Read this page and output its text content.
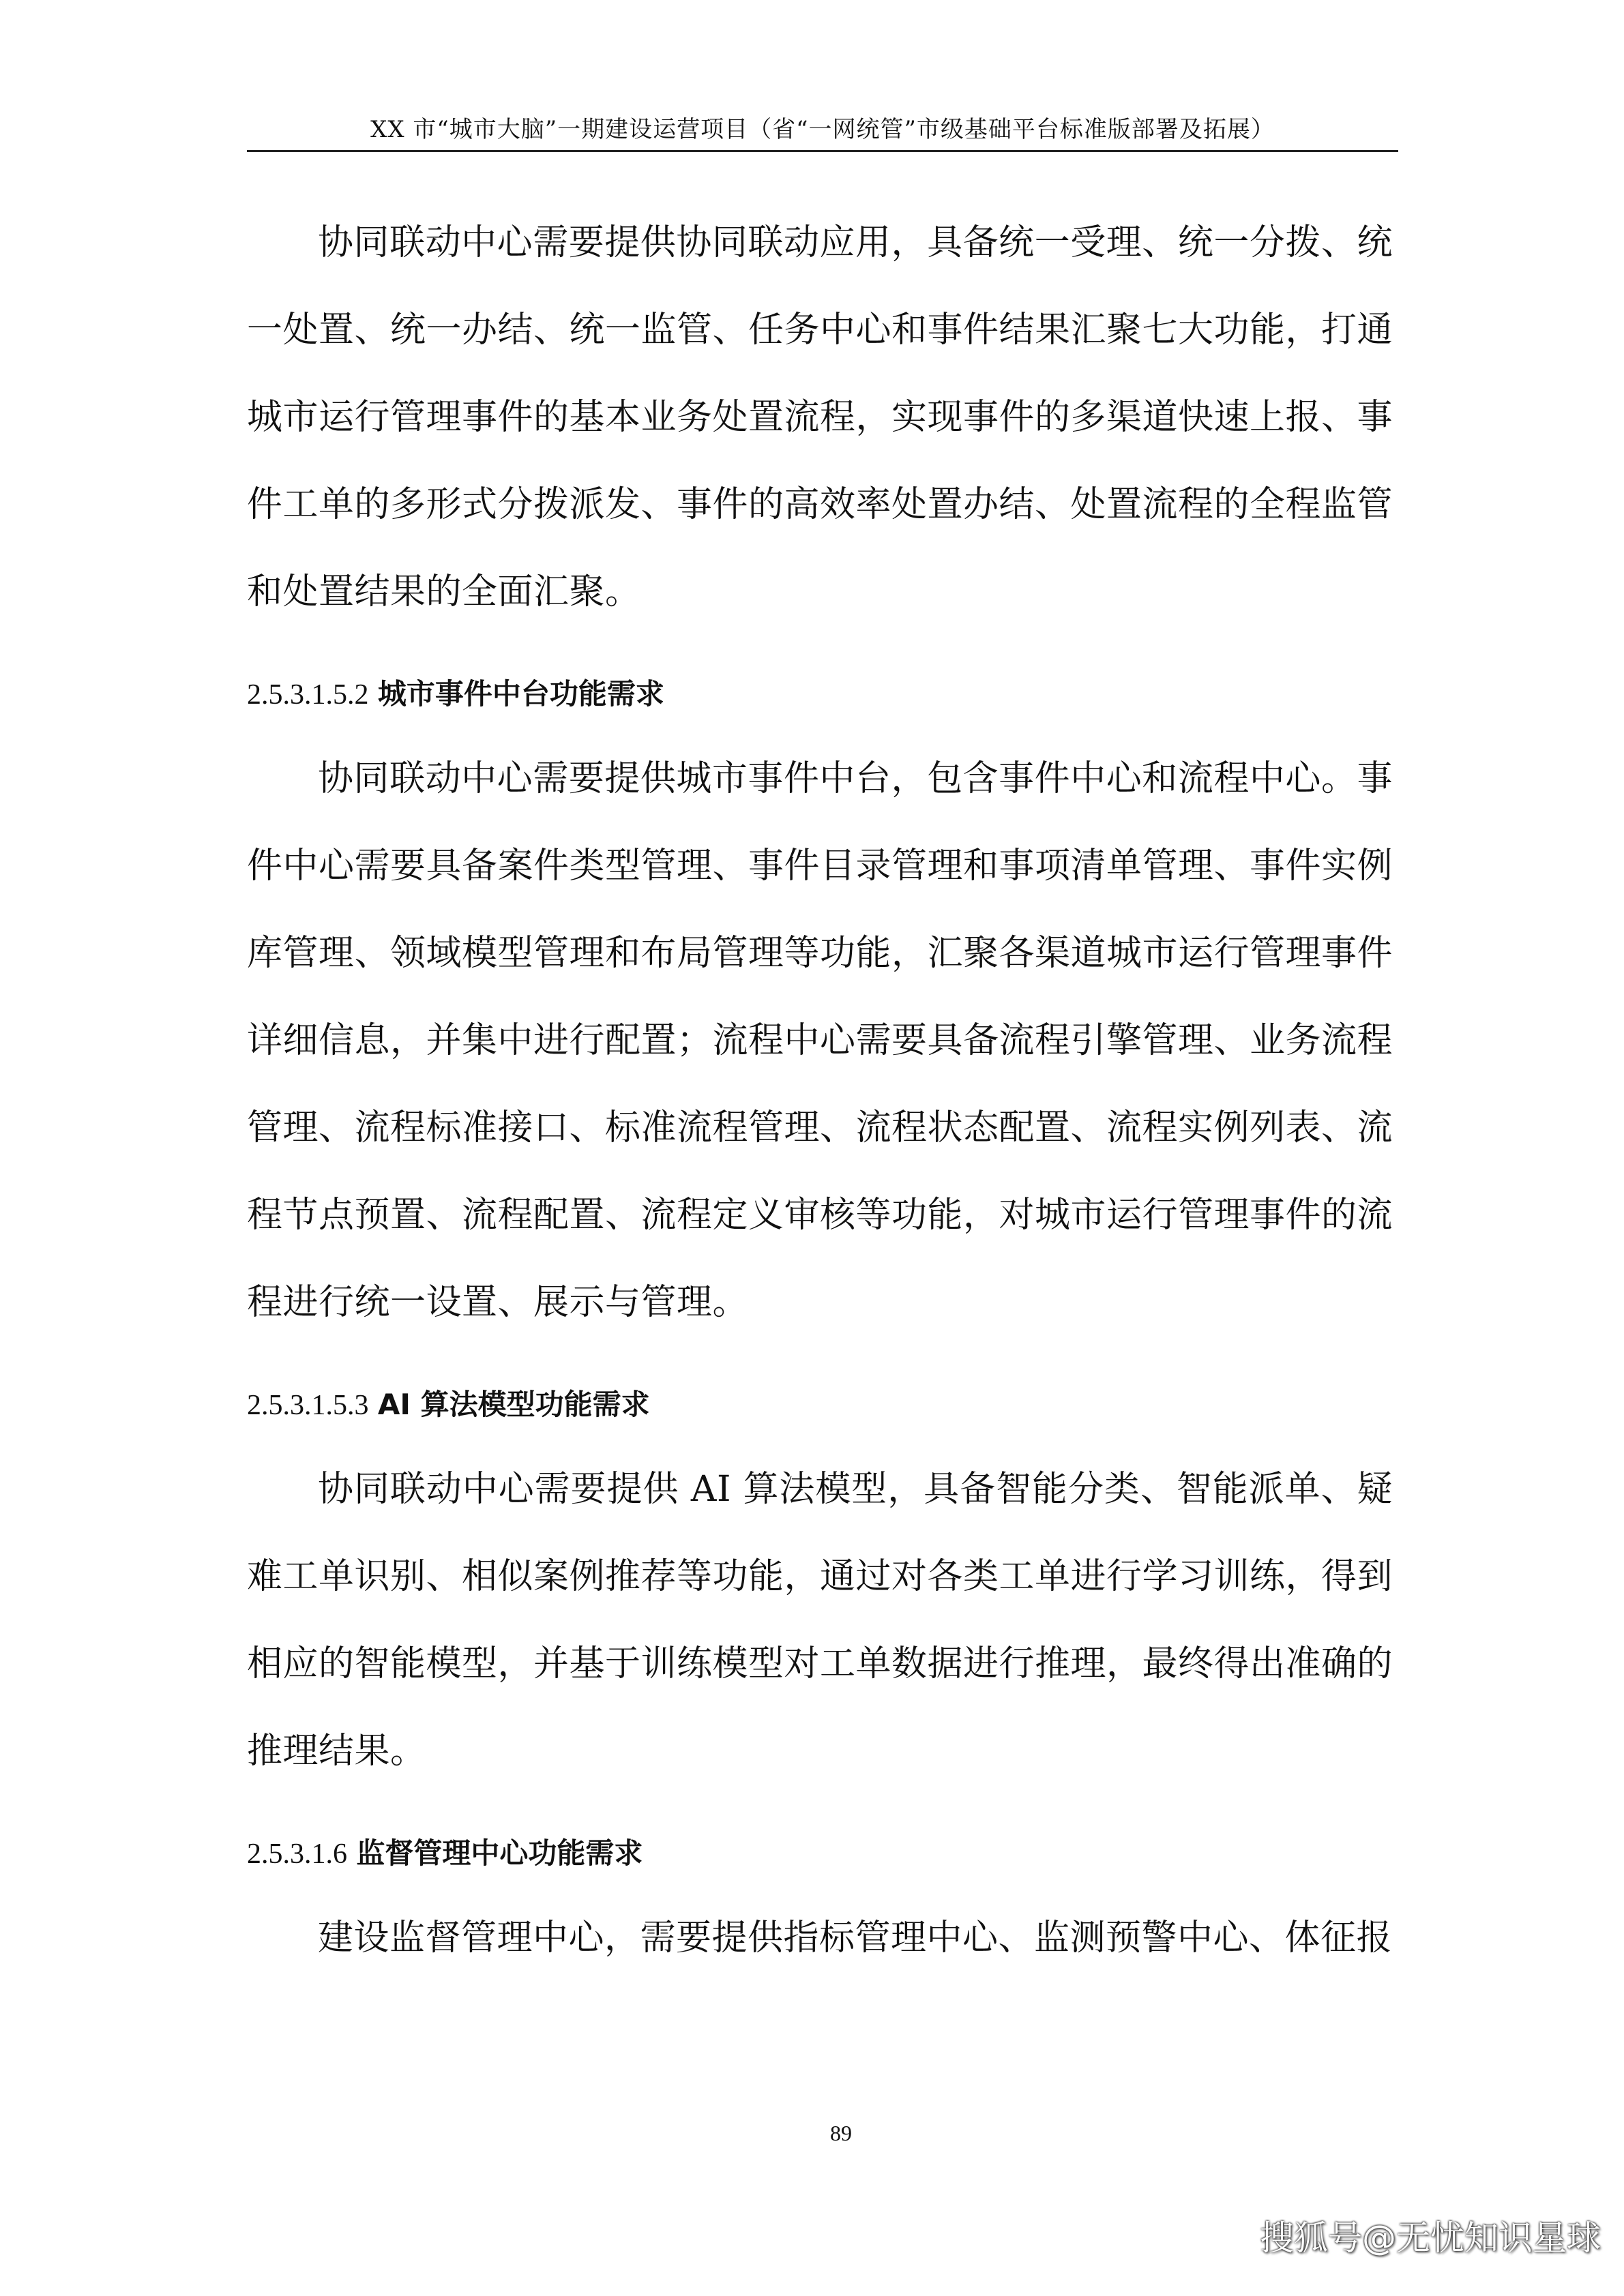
XX 市“城市大脑”一期建设运营项目（省“一网统管”市级基础平台标准版部署及拓展）

协同联动中心需要提供协同联动应用，具备统一受理、统一分拨、统一处置、统一办结、统一监管、任务中心和事件结果汇聚七大功能，打通城市运行管理事件的基本业务处置流程，实现事件的多渠道快速上报、事件工单的多形式分拨派发、事件的高效率处置办结、处置流程的全程监管和处置结果的全面汇聚。

2.5.3.1.5.2 城市事件中台功能需求

协同联动中心需要提供城市事件中台，包含事件中心和流程中心。事件中心需要具备案件类型管理、事件目录管理和事项清单管理、事件实例库管理、领域模型管理和布局管理等功能，汇聚各渠道城市运行管理事件详细信息，并集中进行配置；流程中心需要具备流程引擎管理、业务流程管理、流程标准接口、标准流程管理、流程状态配置、流程实例列表、流程节点预置、流程配置、流程定义审核等功能，对城市运行管理事件的流程进行统一设置、展示与管理。

2.5.3.1.5.3 AI 算法模型功能需求

协同联动中心需要提供 AI 算法模型，具备智能分类、智能派单、疑难工单识别、相似案例推荐等功能，通过对各类工单进行学习训练，得到相应的智能模型，并基于训练模型对工单数据进行推理，最终得出准确的推理结果。

2.5.3.1.6 监督管理中心功能需求

建设监督管理中心，需要提供指标管理中心、监测预警中心、体征报

89
搜狐号@无忧知识星球
